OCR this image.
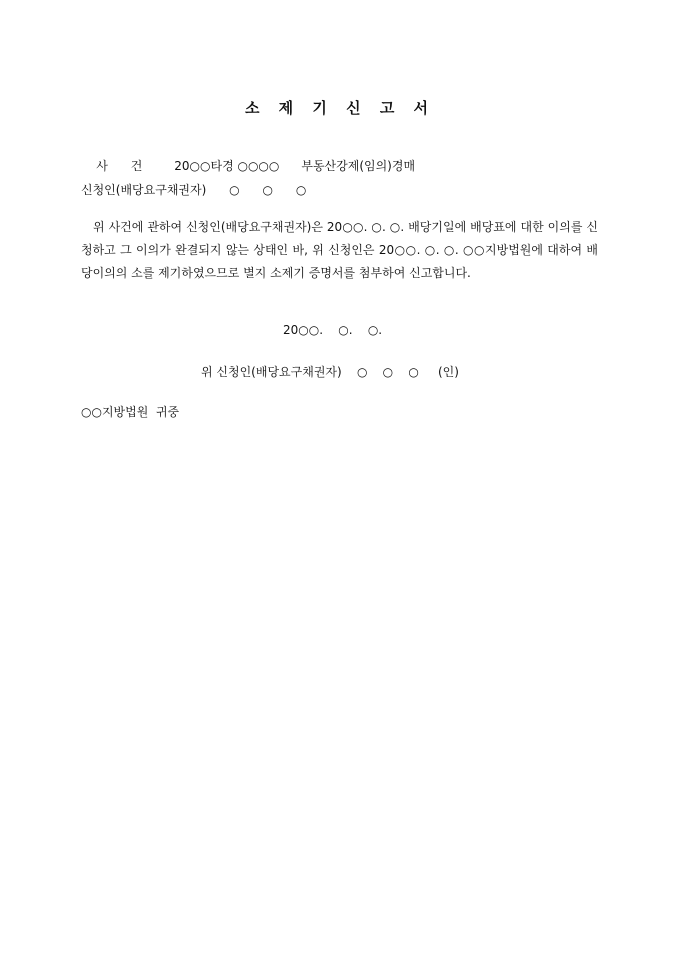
소 제 기 신 고 서

사      건	20○○타경 ○○○○ 부동산강제(임의)경매

신청인(배당요구채권자)      ○      ○      ○
위 사건에 관하여 신청인(배당요구채권자)은 20○○. ○. ○. 배당기일에 배당표에 대한 이의를 신청하고 그 이의가 완결되지 않는 상태인 바, 위 신청인은 20○○. ○. ○. ○○지방법원에 대하여 배당이의의 소를 제기하였으므로 별지 소제기 증명서를 첨부하여 신고합니다.
20○○.    ○.    ○.
위 신청인(배당요구채권자)    ○    ○    ○     (인)
○○지방법원  귀중
